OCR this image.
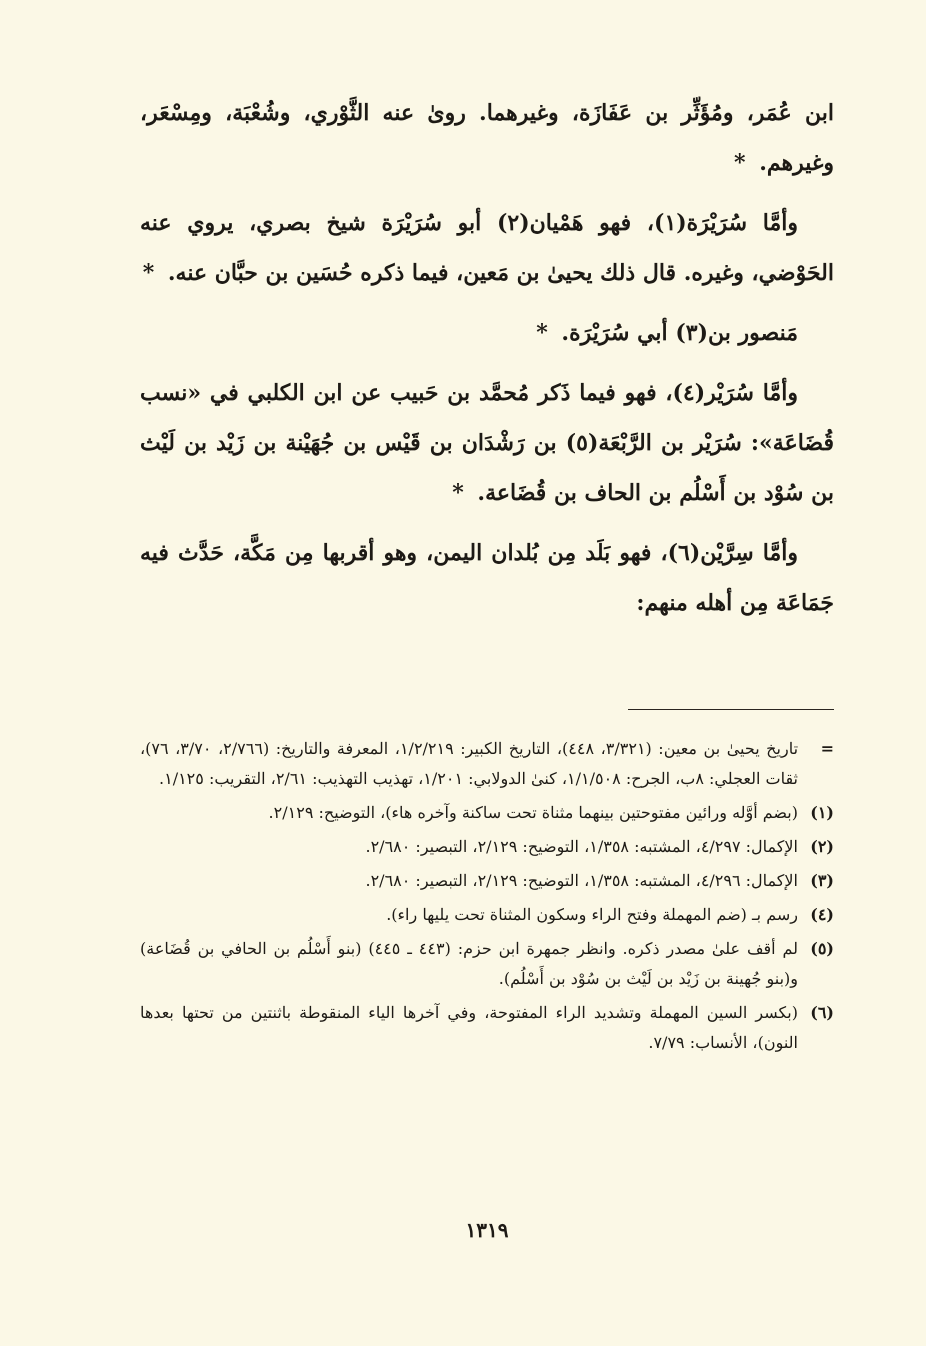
ابن عُمَر، ومُؤَثِّر بن عَفَازَة، وغيرهما. روىٰ عنه الثَّوْري، وشُعْبَة، ومِسْعَر، وغيرهم. *

وأمَّا سُرَيْرَة(١)، فهو هَمْيان(٢) أبو سُرَيْرَة شيخ بصري، يروي عنه الحَوْضي، وغيره. قال ذلك يحيىٰ بن مَعين، فيما ذكره حُسَين بن حبَّان عنه. *

مَنصور بن(٣) أبي سُرَيْرَة. *

وأمَّا سُرَيْر(٤)، فهو فيما ذَكر مُحمَّد بن حَبيب عن ابن الكلبي في «نسب قُضَاعَة»: سُرَيْر بن الرَّبْعَة(٥) بن رَشْدَان بن قَيْس بن جُهَيْنة بن زَيْد بن لَيْث بن سُوْد بن أَسْلُم بن الحاف بن قُضَاعة. *

وأمَّا سِرَّيْن(٦)، فهو بَلَد مِن بُلدان اليمن، وهو أقربها مِن مَكَّة، حَدَّث فيه جَمَاعَة مِن أهله منهم:

=
تاريخ يحيىٰ بن معين: (٣/٣٢١، ٤٤٨)، التاريخ الكبير: ١/٢/٢١٩، المعرفة والتاريخ: (٢/٧٦٦، ٣/٧٠، ٧٦)، ثقات العجلي: ٨ب، الجرح: ١/١/٥٠٨، كنىٰ الدولابي: ١/٢٠١، تهذيب التهذيب: ٢/٦١، التقريب: ١/١٢٥.
(١)
(بضم أوَّله ورائين مفتوحتين بينهما مثناة تحت ساكنة وآخره هاء)، التوضيح: ٢/١٢٩.
(٢)
الإكمال: ٤/٢٩٧، المشتبه: ١/٣٥٨، التوضيح: ٢/١٢٩، التبصير: ٢/٦٨٠.
(٣)
الإكمال: ٤/٢٩٦، المشتبه: ١/٣٥٨، التوضيح: ٢/١٢٩، التبصير: ٢/٦٨٠.
(٤)
رسم بـ (ضم المهملة وفتح الراء وسكون المثناة تحت يليها راء).
(٥)
لم أقف علىٰ مصدر ذكره. وانظر جمهرة ابن حزم: (٤٤٣ ـ ٤٤٥) (بنو أَسْلُم بن الحافي بن قُضَاعة) و(بنو جُهينة بن زَيْد بن لَيْث بن سُوْد بن أَسْلُم).
(٦)
(بكسر السين المهملة وتشديد الراء المفتوحة، وفي آخرها الياء المنقوطة باثنتين من تحتها بعدها النون)، الأنساب: ٧/٧٩.
١٣١٩
